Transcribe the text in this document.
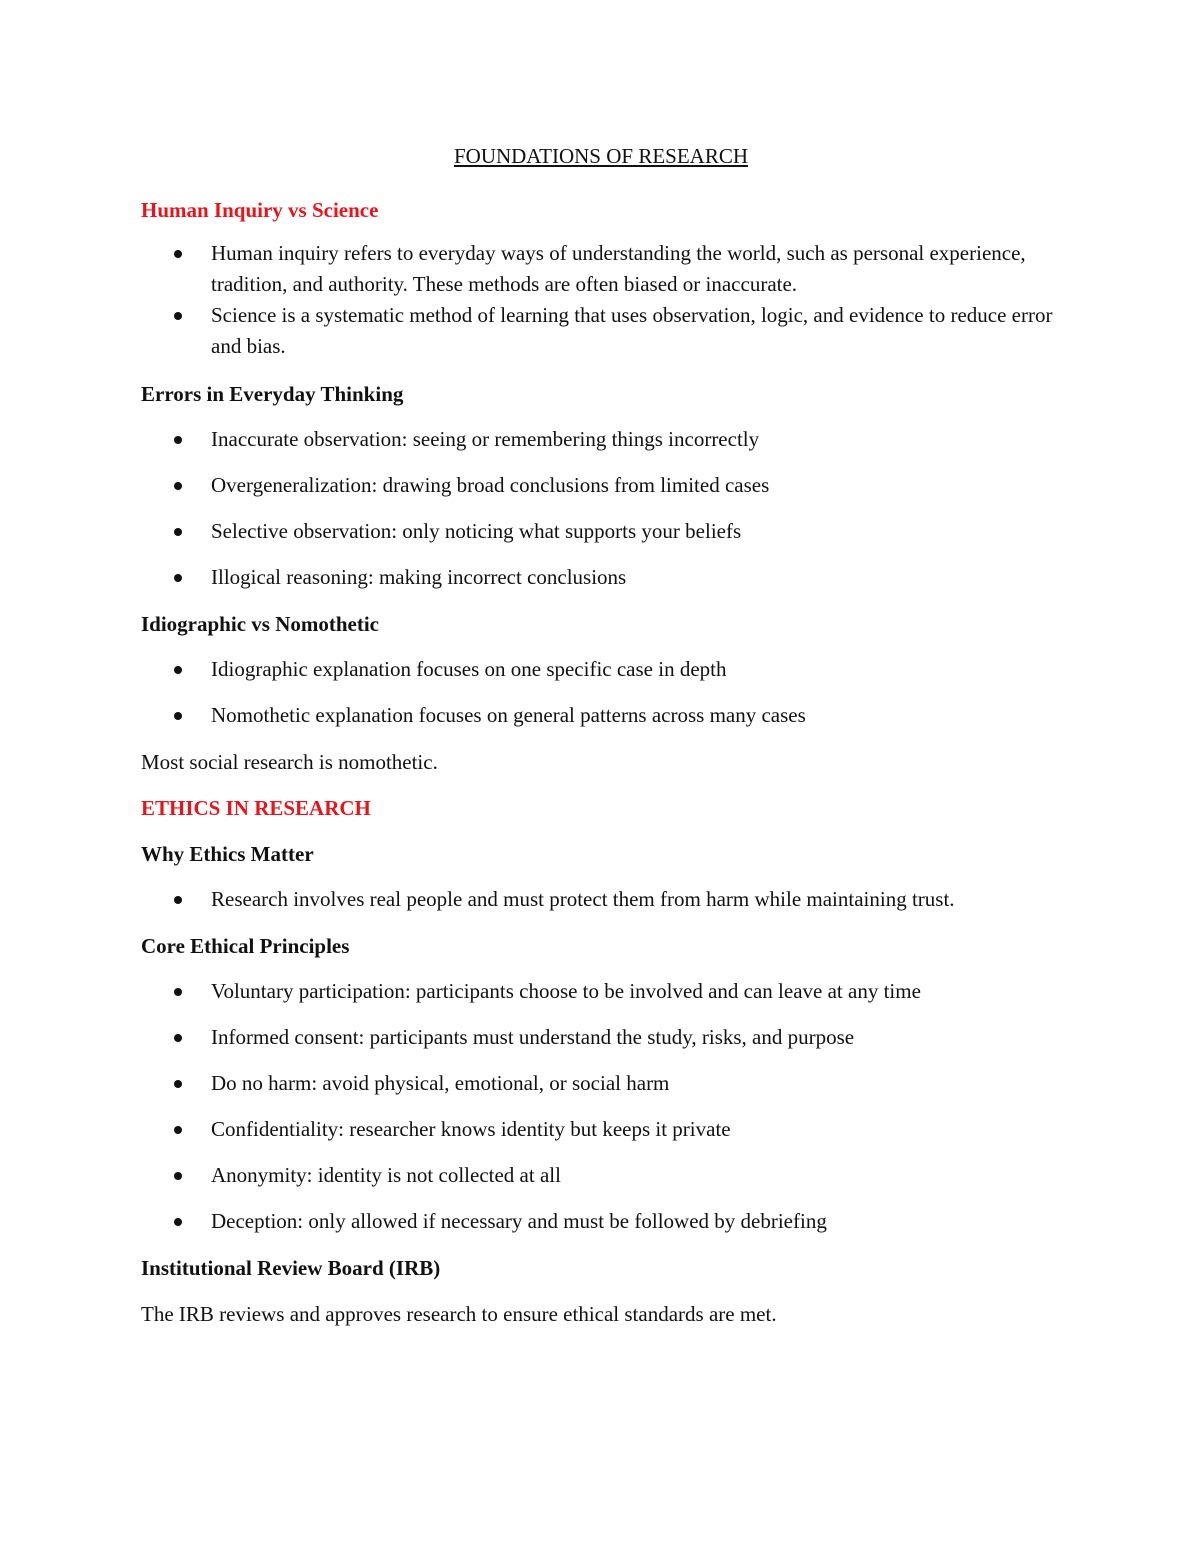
FOUNDATIONS OF RESEARCH
Human Inquiry vs Science
Human inquiry refers to everyday ways of understanding the world, such as personal experience, tradition, and authority. These methods are often biased or inaccurate.
Science is a systematic method of learning that uses observation, logic, and evidence to reduce error and bias.
Errors in Everyday Thinking
Inaccurate observation: seeing or remembering things incorrectly
Overgeneralization: drawing broad conclusions from limited cases
Selective observation: only noticing what supports your beliefs
Illogical reasoning: making incorrect conclusions
Idiographic vs Nomothetic
Idiographic explanation focuses on one specific case in depth
Nomothetic explanation focuses on general patterns across many cases

Most social research is nomothetic.

ETHICS IN RESEARCH
Why Ethics Matter
Research involves real people and must protect them from harm while maintaining trust.
Core Ethical Principles
Voluntary participation: participants choose to be involved and can leave at any time
Informed consent: participants must understand the study, risks, and purpose
Do no harm: avoid physical, emotional, or social harm
Confidentiality: researcher knows identity but keeps it private
Anonymity: identity is not collected at all
Deception: only allowed if necessary and must be followed by debriefing
Institutional Review Board (IRB)

The IRB reviews and approves research to ensure ethical standards are met.
